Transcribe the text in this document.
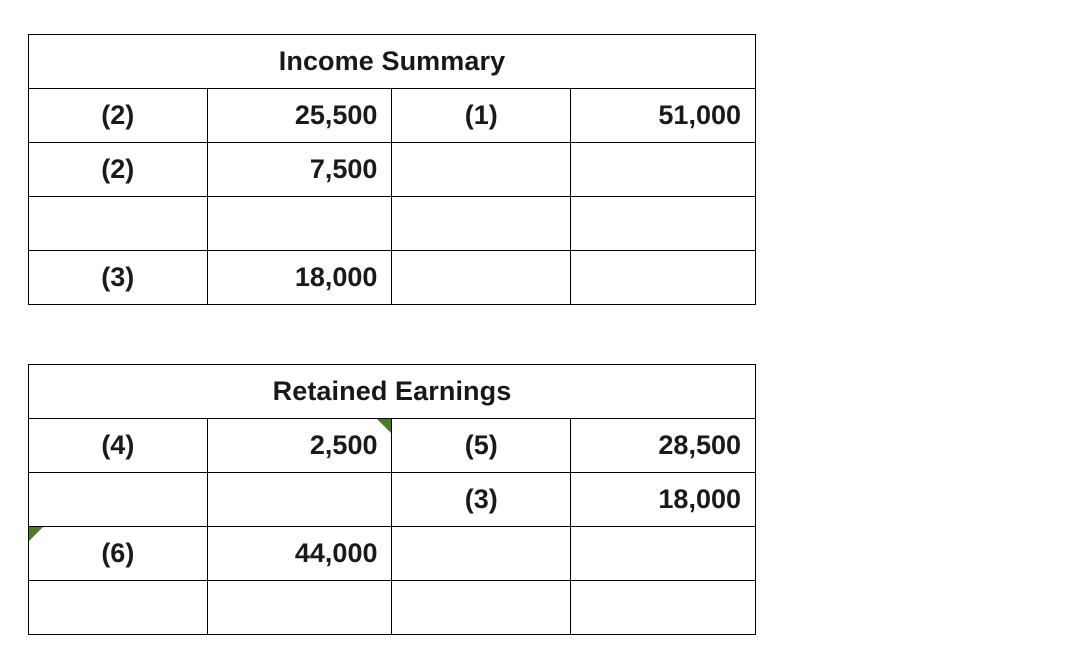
Income Summary			
(2)	25,500	(1)	51,000
(2)	7,500		

(3)	18,000		
Retained Earnings			
(4)	2,500	(5)	28,500
		(3)	18,000
(6)	44,000		
